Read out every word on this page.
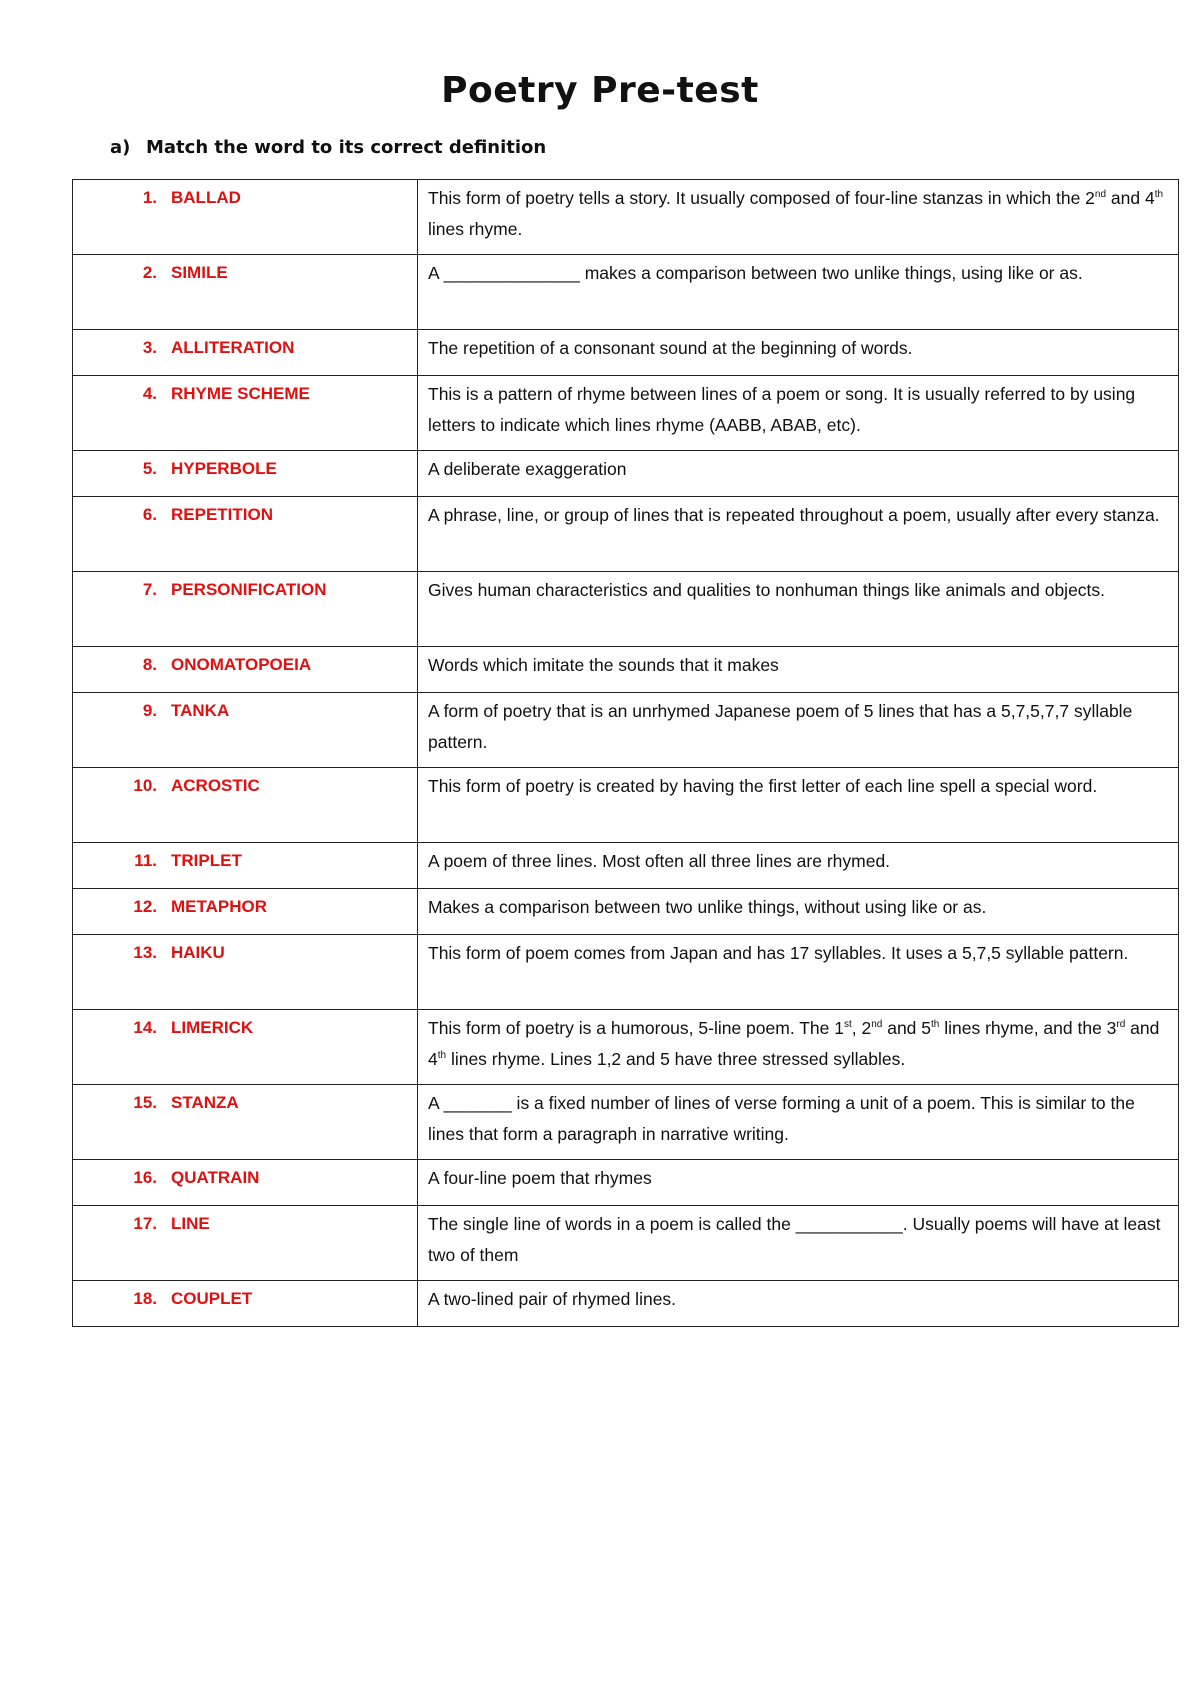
Poetry Pre-test

a) Match the word to its correct definition

1. BALLAD	This form of poetry tells a story. It usually composed of four-line stanzas in which the 2nd and 4th lines rhyme.
2. SIMILE	A ______________ makes a comparison between two unlike things, using like or as.
3. ALLITERATION	The repetition of a consonant sound at the beginning of words.
4. RHYME SCHEME	This is a pattern of rhyme between lines of a poem or song. It is usually referred to by using letters to indicate which lines rhyme (AABB, ABAB, etc).
5. HYPERBOLE	A deliberate exaggeration
6. REPETITION	A phrase, line, or group of lines that is repeated throughout a poem, usually after every stanza.
7. PERSONIFICATION	Gives human characteristics and qualities to nonhuman things like animals and objects.
8. ONOMATOPOEIA	Words which imitate the sounds that it makes
9. TANKA	A form of poetry that is an unrhymed Japanese poem of 5 lines that has a 5,7,5,7,7 syllable pattern.
10. ACROSTIC	This form of poetry is created by having the first letter of each line spell a special word.
11. TRIPLET	A poem of three lines. Most often all three lines are rhymed.
12. METAPHOR	Makes a comparison between two unlike things, without using like or as.
13. HAIKU	This form of poem comes from Japan and has 17 syllables. It uses a 5,7,5 syllable pattern.
14. LIMERICK	This form of poetry is a humorous, 5-line poem. The 1st, 2nd and 5th lines rhyme, and the 3rd and 4th lines rhyme. Lines 1,2 and 5 have three stressed syllables.
15. STANZA	A _______ is a fixed number of lines of verse forming a unit of a poem. This is similar to the lines that form a paragraph in narrative writing.
16. QUATRAIN	A four-line poem that rhymes
17. LINE	The single line of words in a poem is called the ___________. Usually poems will have at least two of them
18. COUPLET	A two-lined pair of rhymed lines.
